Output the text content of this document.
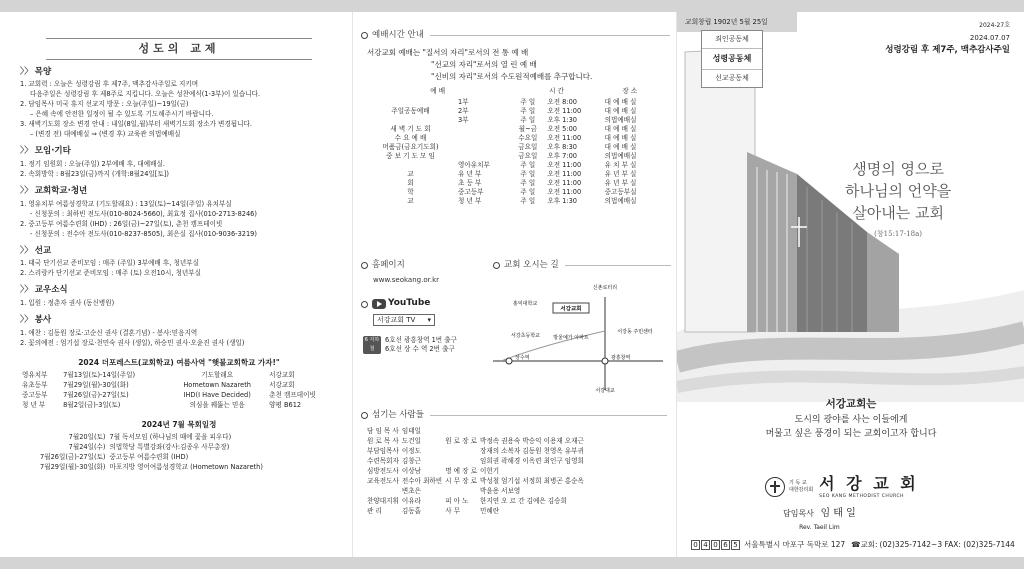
성도의 교제
〉〉 목양
1. 교회력 : 오늘은 성령강림 후 제7주, 맥추감사주일로 지키며
다음주일은 성령강림 후 제8주로 지킵니다. 오늘은 성찬예식(1-3부)이 있습니다.
2. 담임목사 미국 휴지 선교지 방문 : 오늘(주일)~19일(금)
– 은혜 속에 안전한 일정이 될 수 있도록 기도해주시기 바랍니다.
3. 새벽기도회 장소 변경 안내 : 내일(8일,월)부터 새벽기도회 장소가 변경됩니다.
– (변경 전) 대예배실 ⇒ (변경 후) 교육관 의법예배실
〉〉 모임·기타
1. 정기 임원회 : 오늘(주일) 2부예배 후, 대예배실.
2. 속회방학 : 8월23일(금)까지 (개학:8월24일[토])
〉〉 교회학교·청년
1. 영유치부 여름성경학교 (기도할래요) : 13일(토)~14일(주일) 유치부실
- 신청문의 : 최하빈 전도사(010-8024-5660), 최효정 집사(010-2713-8246)
2. 중고등부 여름수련회 (IHD) : 26일(금)~27일(토), 춘천 캠프테이빗
- 신청문의 : 전수아 전도사(010-8237-8505), 최은실 집사(010-9036-3219)
〉〉 선교
1. 태국 단기선교 준비모임 : 매주 (주일) 3부예배 후, 청년부실
2. 스리랑카 단기선교 준비모임 : 매주 (토) 오전10시, 청년부실
〉〉 교우소식
1. 입원 : 정춘자 권사 (동신병원)
〉〉 봉사
1. 애찬 : 김동원 장로·고순신 권사 (결혼기념) - 봉사:믿음지역
2. 꽃의예전 : 엄기섭 장로·천민숙 권사 (생일), 하승민 권사·오윤진 권사 (생일)
2024 더포레스트(교회학교) 여름사역 "햇불교회학교 가자!"
영유치부	7월13일(토)-14일(주일)	기도할래요	서강교회
유초등부	7월29일(월)-30일(화)	Hometown Nazareth	서강교회
중고등부	7월26일(금)-27일(토)	IHD(I Have Decided)	춘천 캠프데이빗
청 년 부	8월2일(금)-3일(토)	의심을 꿰뚫는 믿음	양평 B612
2024년 7월 목회일정
7월20일(토)	7월 독서모임 (하나님의 때에 꽃을 피우다)
7월24일(수)	의법학당 특별강좌(강사:김종우 사무총장)
7월26일(금)-27일(토)	중고등부 여름수련회 (IHD)
7월29일(월)-30일(화)	마포지방 영어여름성경학교 (Hometown Nazareth)
예배시간 안내
서강교회 예배는 "질서의 자리"로서의 전 통 예 배
"선교의 자리"로서의 열 린 예 배
"신비의 자리"로서의 수도원적예배를 추구합니다.
예 배		시 간		장 소
	1부	주 일	오전 8:00	대 예 배 실
주일공동예배	2부	주 일	오전 11:00	대 예 배 실
	3부	주 일	오후 1:30	의법예배실
새 벽 기 도 회		월~금	오전 5:00	대 예 배 실
수 요 예 배		수요일	오전 11:00	대 예 배 실
머품금(금요기도회)		금요일	오후 8:30	대 예 배 실
중 보 기 도 모 임		금요일	오후 7:00	의법예배실
	영아유치부	주 일	오전 11:00	유 치 부 실
교	유 년 부	주 일	오전 11:00	유 년 부 실
회	초 등 부	주 일	오전 11:00	유 년 부 실
학	중고등부	주 일	오전 11:00	중고등부실
교	청 년 부	주 일	오후 1:30	의법예배실
홈페이지
www.seokang.or.kr
YouTube
서강교회 TV ▾
6 지하철
6호선 광흥창역 1번 출구
6호선 상 수 역 2번 출구
교회 오시는 길
서강교회
홍익대학교
신촌로터리
서강초등학교	방울예가 아파트
서강동 주민센터
상수역	광흥창역
서강대교
섬기는 사람들
담 임 목 사	임태일		
원 로 목 사	도건일	원 로 장 로	박정속 권용숙 박승익 이용재 오재근
부담임목사	이정도		장재의 소복자 김동원 천영옥 유부귀
수련목회자	김창근		임희권 곽해경 이옥련 최인구 임영희
심방전도사	이상남	명 예 장 로	이헌기
교육전도사	전수아 최하빈	시 무 장 로	박성철 엄기섭 서정희 최병곤 홍순옥
	변초은		박윤용 서보영
찬양대지휘	이유라	피 아 노	한지연 오 르 간 김예은 김승희
관 리	김동흡	사 무	민혜란
교회창립 1902년 5월 25일	2024-27호
2024.07.07
성령강림 후 제7주, 맥추감사주일
죄인공동체
성령공동체
선교공동체
생명의 영으로
하나님의 언약을
살아내는 교회
(창15:17-18a)
서강교회는
도시의 광야를 사는 이들에게
머물고 싶은 풍경이 되는 교회이고자 합니다
기 독 교
대한감리회 서 강 교 회
SEO KANG METHODIST CHURCH
담임목사 임 태 일
Rev. Taeil Lim
0 4 0 6 5 서울특별시 마포구 독막로 127 ☎교회: (02)325-7142~3 FAX: (02)325-7144
